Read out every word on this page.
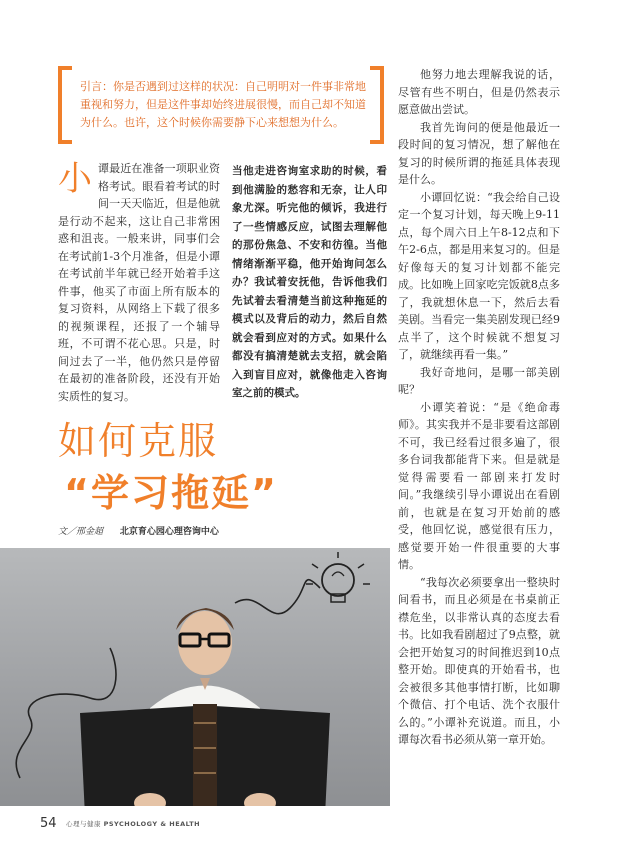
引言：你是否遇到过这样的状况：自己明明对一件事非常地重视和努力，但是这件事却始终进展很慢，而自己却不知道为什么。也许，这个时候你需要静下心来想想为什么。
小 谭最近在准备一项职业资格考试。眼看着考试的时间一天天临近，但是他就是行动不起来，这让自己非常困惑和沮丧。一般来讲，同事们会在考试前1-3个月准备，但是小谭在考试前半年就已经开始着手这件事，他买了市面上所有版本的复习资料，从网络上下载了很多的视频课程，还报了一个辅导班，不可谓不花心思。只是，时间过去了一半，他仍然只是停留在最初的准备阶段，还没有开始实质性的复习。
当他走进咨询室求助的时候，看到他满脸的愁容和无奈，让人印象尤深。听完他的倾诉，我进行了一些情感反应，试图去理解他的那份焦急、不安和彷徨。当他情绪渐渐平稳，他开始询问怎么办？我试着安抚他，告诉他我们先试着去看清楚当前这种拖延的模式以及背后的动力，然后自然就会看到应对的方式。如果什么都没有搞清楚就去支招，就会陷入到盲目应对，就像他走入咨询室之前的模式。

他努力地去理解我说的话，尽管有些不明白，但是仍然表示愿意做出尝试。

我首先询问的便是他最近一段时间的复习情况，想了解他在复习的时候所谓的拖延具体表现是什么。

小谭回忆说：“我会给自己设定一个复习计划，每天晚上9-11点，每个周六日上午8-12点和下午2-6点，都是用来复习的。但是好像每天的复习计划都不能完成。比如晚上回家吃完饭就8点多了，我就想休息一下，然后去看美剧。当看完一集美剧发现已经9点半了，这个时候就不想复习了，就继续再看一集。”

我好奇地问，是哪一部美剧呢？

小谭笑着说：“是《绝命毒师》。其实我并不是非要看这部剧不可，我已经看过很多遍了，很多台词我都能背下来。但是就是觉得需要看一部剧来打发时间。”我继续引导小谭说出在看剧前，也就是在复习开始前的感受，他回忆说，感觉很有压力，感觉要开始一件很重要的大事情。

“我每次必须要拿出一整块时间看书，而且必须是在书桌前正襟危坐，以非常认真的态度去看书。比如我看剧超过了9点整，就会把开始复习的时间推迟到10点整开始。即使真的开始看书，也会被很多其他事情打断，比如聊个微信、打个电话、洗个衣服什么的。”小谭补充说道。而且，小谭每次看书必须从第一章开始。

如何克服
“学习拖延”
文／邢金超 北京育心园心理咨询中心
54 心理与健康 PSYCHOLOGY & HEALTH
